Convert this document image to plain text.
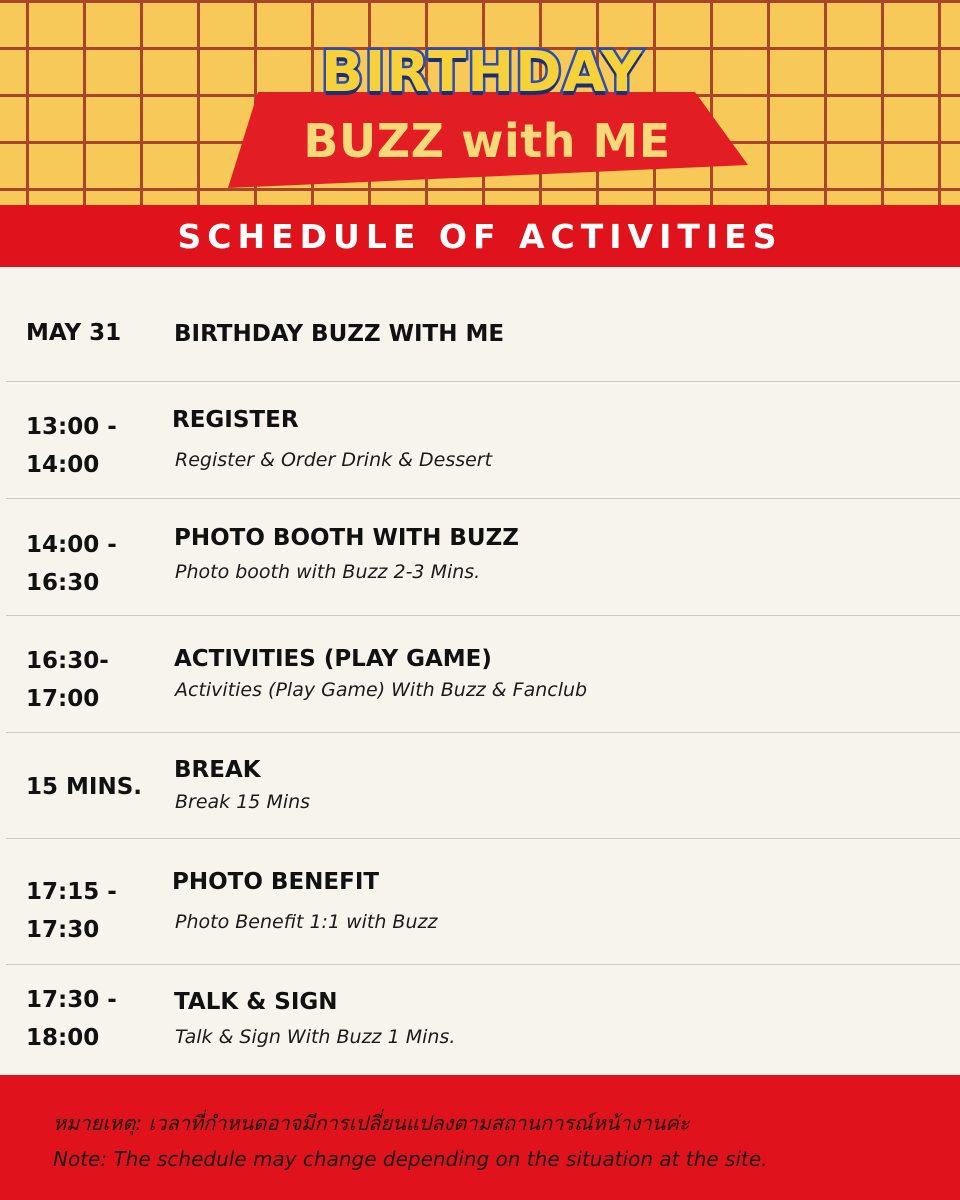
BIRTHDAY
BUZZ with ME
SCHEDULE OF ACTIVITIES
MAY 31 BIRTHDAY BUZZ WITH ME
13:00 -
14:00
REGISTER
Register & Order Drink & Dessert
14:00 -
16:30
PHOTO BOOTH WITH BUZZ
Photo booth with Buzz 2-3 Mins.
16:30-
17:00
ACTIVITIES (PLAY GAME)
Activities (Play Game) With Buzz & Fanclub
15 MINS.
BREAK
Break 15 Mins
17:15 -
17:30
PHOTO BENEFIT
Photo Benefit 1:1 with Buzz
17:30 -
18:00
TALK & SIGN
Talk & Sign With Buzz 1 Mins.
หมายเหตุ: เวลาที่กำหนดอาจมีการเปลี่ยนแปลงตามสถานการณ์หน้างานค่ะ
Note: The schedule may change depending on the situation at the site.
